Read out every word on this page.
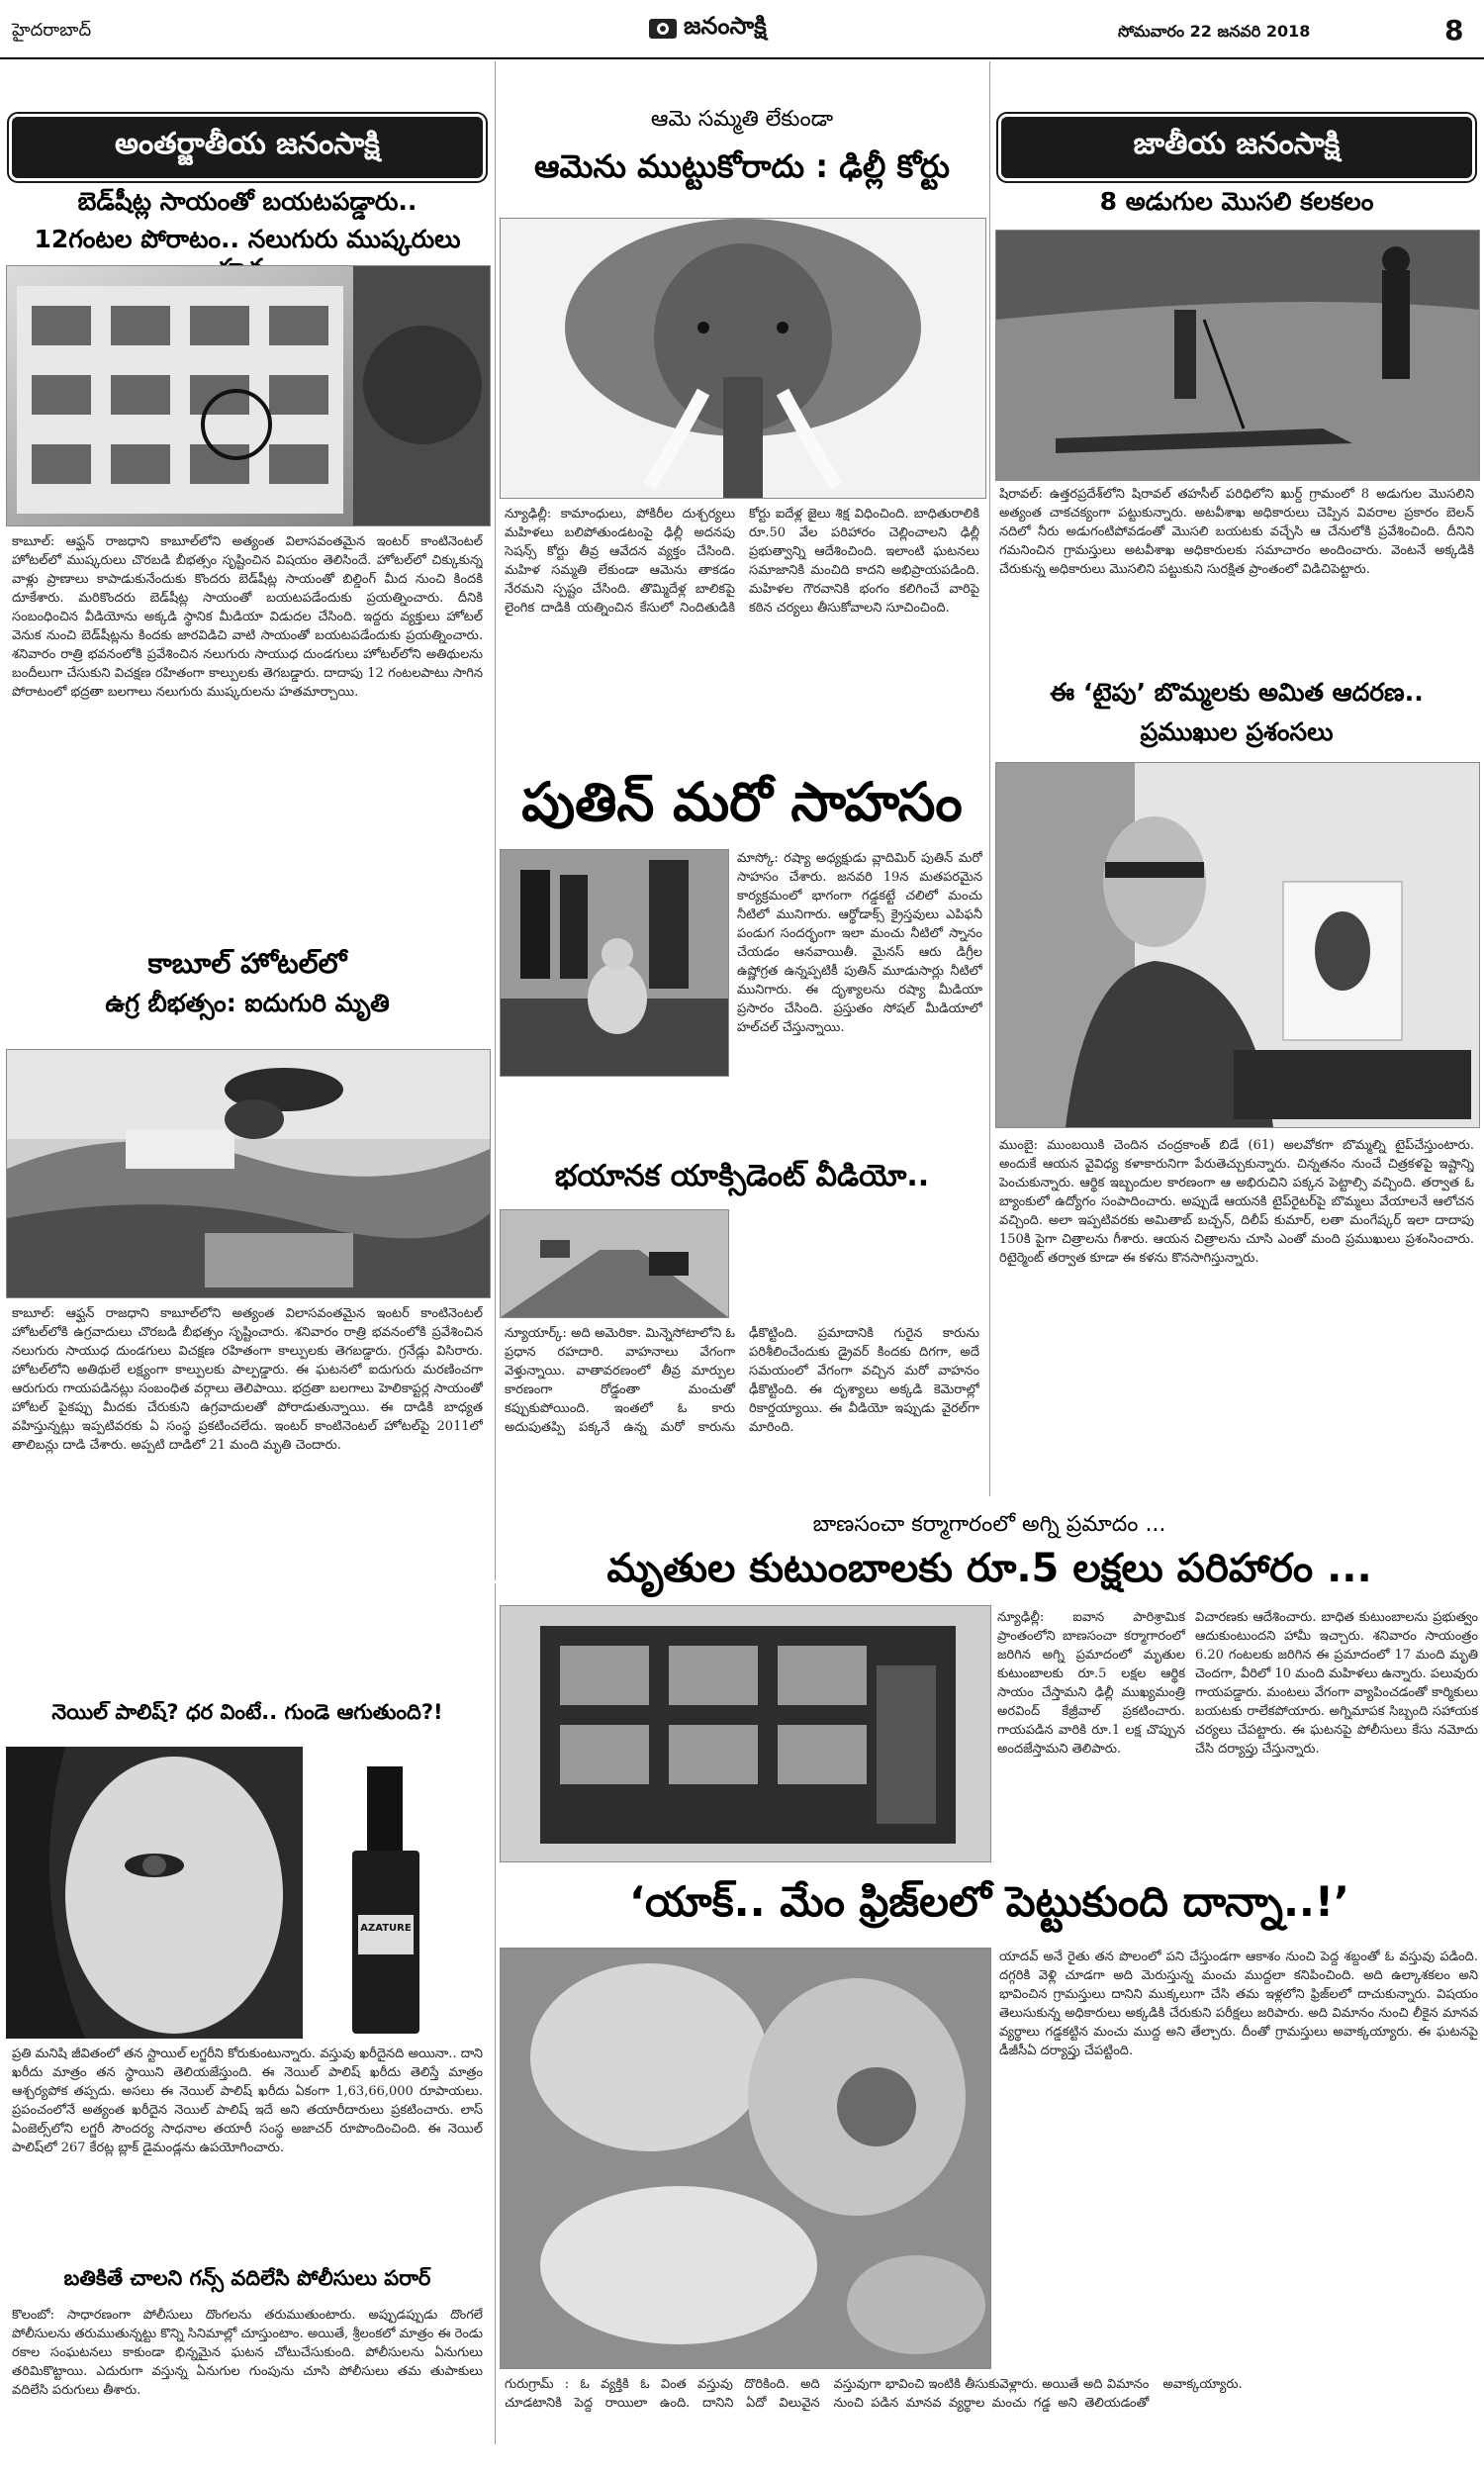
హైదరాబాద్	జనంసాక్షి	సోమవారం 22 జనవరి 2018	8
అంతర్జాతీయ జనంసాక్షి
బెడ్‌షీట్ల సాయంతో బయటపడ్డారు..
12గంటల పోరాటం.. నలుగురు ముష్కరులు
కాబూల్‌: ఆఫ్ఘన్‌ రాజధాని కాబూల్‌లోని అత్యంత విలాసవంతమైన ఇంటర్‌ కాంటినెంటల్‌ హోటల్‌లో ముష్కరులు చొరబడి బీభత్సం సృష్టించిన విషయం తెలిసిందే. హోటల్‌లో చిక్కుకున్న వాళ్లు ప్రాణాలు కాపాడుకునేందుకు కొందరు బెడ్‌షీట్ల సాయంతో బిల్డింగ్‌ మీద నుంచి కిందకి దూకేశారు. మరికొందరు బెడ్‌షీట్ల సాయంతో బయటపడేందుకు ప్రయత్నించారు. దీనికి సంబంధించిన వీడియోను అక్కడి స్థానిక మీడియా విడుదల చేసింది. ఇద్దరు వ్యక్తులు హోటల్‌ వెనుక నుంచి బెడ్‌షీట్లను కిందకు జారవిడిచి వాటి సాయంతో బయటపడేందుకు ప్రయత్నించారు. శనివారం రాత్రి భవనంలోకి ప్రవేశించిన నలుగురు సాయుధ దుండగులు హోటల్‌లోని అతిథులను బందీలుగా చేసుకుని విచక్షణ రహితంగా కాల్పులకు తెగబడ్డారు. దాదాపు 12 గంటలపాటు సాగిన పోరాటంలో భద్రతా బలగాలు నలుగురు ముష్కరులను హతమార్చాయి.
కాబూల్‌ హోటల్‌లో
ఉగ్ర బీభత్సం: ఐదుగురి మృతి
కాబూల్‌: ఆఫ్ఘన్‌ రాజధాని కాబూల్‌లోని అత్యంత విలాసవంతమైన ఇంటర్‌ కాంటినెంటల్‌ హోటల్‌లోకి ఉగ్రవాదులు చొరబడి బీభత్సం సృష్టించారు. శనివారం రాత్రి భవనంలోకి ప్రవేశించిన నలుగురు సాయుధ దుండగులు విచక్షణ రహితంగా కాల్పులకు తెగబడ్డారు. గ్రనేడ్లు విసిరారు. హోటల్‌లోని అతిథులే లక్ష్యంగా కాల్పులకు పాల్పడ్డారు. ఈ ఘటనలో ఐదుగురు మరణించగా ఆరుగురు గాయపడినట్లు సంబంధిత వర్గాలు తెలిపాయి. భద్రతా బలగాలు హెలికాప్టర్ల సాయంతో హోటల్‌ పైకప్పు మీదకు చేరుకుని ఉగ్రవాదులతో పోరాడుతున్నాయి. ఈ దాడికి బాధ్యత వహిస్తున్నట్లు ఇప్పటివరకు ఏ సంస్థ ప్రకటించలేదు. ఇంటర్‌ కాంటినెంటల్‌ హోటల్‌పై 2011లో తాలిబన్లు దాడి చేశారు. అప్పటి దాడిలో 21 మంది మృతి చెందారు.
నెయిల్‌ పాలిష్‌? ధర వింటే.. గుండె ఆగుతుంది?!
AZATURE
ప్రతి మనిషి జీవితంలో తన స్టాయిల్‌ లగ్జరీని కోరుకుంటున్నారు. వస్తువు ఖరీదైనది అయినా.. దాని ఖరీదు మాత్రం తన స్థాయిని తెలియజేస్తుంది. ఈ నెయిల్‌ పాలిష్‌ ఖరీదు తెలిస్తే మాత్రం ఆశ్చర్యపోక తప్పదు. అసలు ఈ నెయిల్‌ పాలిష్‌ ఖరీదు ఏకంగా 1,63,66,000 రూపాయలు. ప్రపంచంలోనే అత్యంత ఖరీదైన నెయిల్‌ పాలిష్‌ ఇదే అని తయారీదారులు ప్రకటించారు. లాస్‌ ఏంజెల్స్‌లోని లగ్జరీ సౌందర్య సాధనాల తయారీ సంస్థ అజాచర్‌ రూపొందించింది. ఈ నెయిల్‌ పాలిష్‌లో 267 కేరట్ల బ్లాక్‌ డైమండ్లను ఉపయోగించారు.
బతికితే చాలని గన్స్‌ వదిలేసి పోలీసులు పరార్‌
కొలంబో: సాధారణంగా పోలీసులు దొంగలను తరుముతుంటారు. అప్పుడప్పుడు దొంగలే పోలీసులను తరుముతున్నట్టు కొన్ని సినిమాల్లో చూస్తుంటాం. అయితే, శ్రీలంకలో మాత్రం ఈ రెండు రకాల సంఘటనలు కాకుండా భిన్నమైన ఘటన చోటుచేసుకుంది. పోలీసులను ఏనుగులు తరిమికొట్టాయి. ఎదురుగా వస్తున్న ఏనుగుల గుంపును చూసి పోలీసులు తమ తుపాకులు వదిలేసి పరుగులు తీశారు.
ఆమె సమ్మతి లేకుండా
ఆమెను ముట్టుకోరాదు : ఢిల్లీ కోర్టు
న్యూఢిల్లీ: కామాంధులు, పోకిరీల దుశ్చర్యలు మహిళలు బలిపోతుండటంపై ఢిల్లీ అదనపు సెషన్స్‌ కోర్టు తీవ్ర ఆవేదన వ్యక్తం చేసింది. మహిళ సమ్మతి లేకుండా ఆమెను తాకడం నేరమని స్పష్టం చేసింది. తొమ్మిదేళ్ల బాలికపై లైంగిక దాడికి యత్నించిన కేసులో నిందితుడికి కోర్టు ఐదేళ్ల జైలు శిక్ష విధించింది. బాధితురాలికి రూ.50 వేల పరిహారం చెల్లించాలని ఢిల్లీ ప్రభుత్వాన్ని ఆదేశించింది. ఇలాంటి ఘటనలు సమాజానికి మంచిది కాదని అభిప్రాయపడింది. మహిళల గౌరవానికి భంగం కలిగించే వారిపై కఠిన చర్యలు తీసుకోవాలని సూచించింది.
పుతిన్‌ మరో సాహసం
మాస్కో: రష్యా అధ్యక్షుడు వ్లాదిమిర్‌ పుతిన్‌ మరో సాహసం చేశారు. జనవరి 19న మతపరమైన కార్యక్రమంలో భాగంగా గడ్డకట్టే చలిలో మంచు నీటిలో మునిగారు. ఆర్థోడాక్స్‌ క్రైస్తవులు ఎపిఫనీ పండుగ సందర్భంగా ఇలా మంచు నీటిలో స్నానం చేయడం ఆనవాయితీ. మైనస్‌ ఆరు డిగ్రీల ఉష్ణోగ్రత ఉన్నప్పటికీ పుతిన్‌ మూడుసార్లు నీటిలో మునిగారు. ఈ దృశ్యాలను రష్యా మీడియా ప్రసారం చేసింది. ప్రస్తుతం సోషల్‌ మీడియాలో హల్‌చల్‌ చేస్తున్నాయి.
భయానక యాక్సిడెంట్‌ వీడియో..
న్యూయార్క్‌: అది అమెరికా. మిన్నెసోటాలోని ఓ ప్రధాన రహదారి. వాహనాలు వేగంగా వెళ్తున్నాయి. వాతావరణంలో తీవ్ర మార్పుల కారణంగా రోడ్డంతా మంచుతో కప్పుకుపోయింది. ఇంతలో ఓ కారు అదుపుతప్పి పక్కనే ఉన్న మరో కారును ఢీకొట్టింది. ప్రమాదానికి గురైన కారును పరిశీలించేందుకు డ్రైవర్‌ కిందకు దిగగా, అదే సమయంలో వేగంగా వచ్చిన మరో వాహనం ఢీకొట్టింది. ఈ దృశ్యాలు అక్కడి కెమెరాల్లో రికార్డయ్యాయి. ఈ వీడియో ఇప్పుడు వైరల్‌గా మారింది.
జాతీయ జనంసాక్షి
8 అడుగుల మొసలి కలకలం
షిరావల్‌: ఉత్తరప్రదేశ్‌లోని షిరావల్‌ తహసీల్‌ పరిధిలోని ఖుర్ద్‌ గ్రామంలో 8 అడుగుల మొసలిని అత్యంత చాకచక్యంగా పట్టుకున్నారు. అటవీశాఖ అధికారులు చెప్పిన వివరాల ప్రకారం బెలన్‌ నదిలో నీరు అడుగంటిపోవడంతో మొసలి బయటకు వచ్చేసి ఆ చేనులోకి ప్రవేశించింది. దీనిని గమనించిన గ్రామస్తులు అటవీశాఖ అధికారులకు సమాచారం అందించారు. వెంటనే అక్కడికి చేరుకున్న అధికారులు మొసలిని పట్టుకుని సురక్షిత ప్రాంతంలో విడిచిపెట్టారు.
ఈ ‘టైపు’ బొమ్మలకు అమిత ఆదరణ..
ప్రముఖుల ప్రశంసలు
ముంబై: ముంబయికి చెందిన చంద్రకాంత్‌ బిడే (61) అలవోకగా బొమ్మల్ని టైప్‌చేస్తుంటారు. అందుకే ఆయన వైవిధ్య కళాకారునిగా పేరుతెచ్చుకున్నారు. చిన్నతనం నుంచే చిత్రకళపై ఇష్టాన్ని పెంచుకున్నారు. ఆర్థిక ఇబ్బందుల కారణంగా ఆ అభిరుచిని పక్కన పెట్టాల్సి వచ్చింది. తర్వాత ఓ బ్యాంకులో ఉద్యోగం సంపాదించారు. అప్పుడే ఆయనకి టైప్‌రైటర్‌పై బొమ్మలు వేయాలనే ఆలోచన వచ్చింది. అలా ఇప్పటివరకు అమితాబ్‌ బచ్చన్‌, దిలీప్‌ కుమార్‌, లతా మంగేష్కర్‌ ఇలా దాదాపు 150కి పైగా చిత్రాలను గీశారు. ఆయన చిత్రాలను చూసి ఎంతో మంది ప్రముఖులు ప్రశంసించారు. రిటైర్మెంట్‌ తర్వాత కూడా ఈ కళను కొనసాగిస్తున్నారు.
బాణసంచా కర్మాగారంలో అగ్ని ప్రమాదం ...
మృతుల కుటుంబాలకు రూ.5 లక్షలు పరిహారం ...
న్యూఢిల్లీ: ఐవాన పారిశ్రామిక ప్రాంతంలోని బాణసంచా కర్మాగారంలో జరిగిన అగ్ని ప్రమాదంలో మృతుల కుటుంబాలకు రూ.5 లక్షల ఆర్థిక సాయం చేస్తామని ఢిల్లీ ముఖ్యమంత్రి అరవింద్‌ కేజ్రీవాల్‌ ప్రకటించారు. గాయపడిన వారికి రూ.1 లక్ష చొప్పున అందజేస్తామని తెలిపారు.
విచారణకు ఆదేశించారు. బాధిత కుటుంబాలను ప్రభుత్వం ఆదుకుంటుందని హామీ ఇచ్చారు. శనివారం సాయంత్రం 6.20 గంటలకు జరిగిన ఈ ప్రమాదంలో 17 మంది మృతి చెందగా, వీరిలో 10 మంది మహిళలు ఉన్నారు. పలువురు గాయపడ్డారు. మంటలు వేగంగా వ్యాపించడంతో కార్మికులు బయటకు రాలేకపోయారు. అగ్నిమాపక సిబ్బంది సహాయక చర్యలు చేపట్టారు. ఈ ఘటనపై పోలీసులు కేసు నమోదు చేసి దర్యాప్తు చేస్తున్నారు.
‘యాక్‌.. మేం ఫ్రిజ్‌లలో పెట్టుకుంది దాన్నా..!’
యాదవ్‌ అనే రైతు తన పొలంలో పని చేస్తుండగా ఆకాశం నుంచి పెద్ద శబ్దంతో ఓ వస్తువు పడింది. దగ్గరికి వెళ్లి చూడగా అది మెరుస్తున్న మంచు ముద్దలా కనిపించింది. అది ఉల్కాశకలం అని భావించిన గ్రామస్తులు దానిని ముక్కలుగా చేసి తమ ఇళ్లలోని ఫ్రిజ్‌లలో దాచుకున్నారు. విషయం తెలుసుకున్న అధికారులు అక్కడికి చేరుకుని పరీక్షలు జరిపారు. అది విమానం నుంచి లీకైన మానవ వ్యర్థాలు గడ్డకట్టిన మంచు ముద్ద అని తేల్చారు. దీంతో గ్రామస్తులు అవాక్కయ్యారు. ఈ ఘటనపై డీజీసీఏ దర్యాప్తు చేపట్టింది.
గురుగ్రామ్‌ : ఓ వ్యక్తికి ఓ వింత వస్తువు దొరికింది. అది చూడటానికి పెద్ద రాయిలా ఉంది. దానిని ఏదో విలువైన వస్తువుగా భావించి ఇంటికి తీసుకువెళ్లారు. అయితే అది విమానం నుంచి పడిన మానవ వ్యర్థాల మంచు గడ్డ అని తెలియడంతో అవాక్కయ్యారు.
